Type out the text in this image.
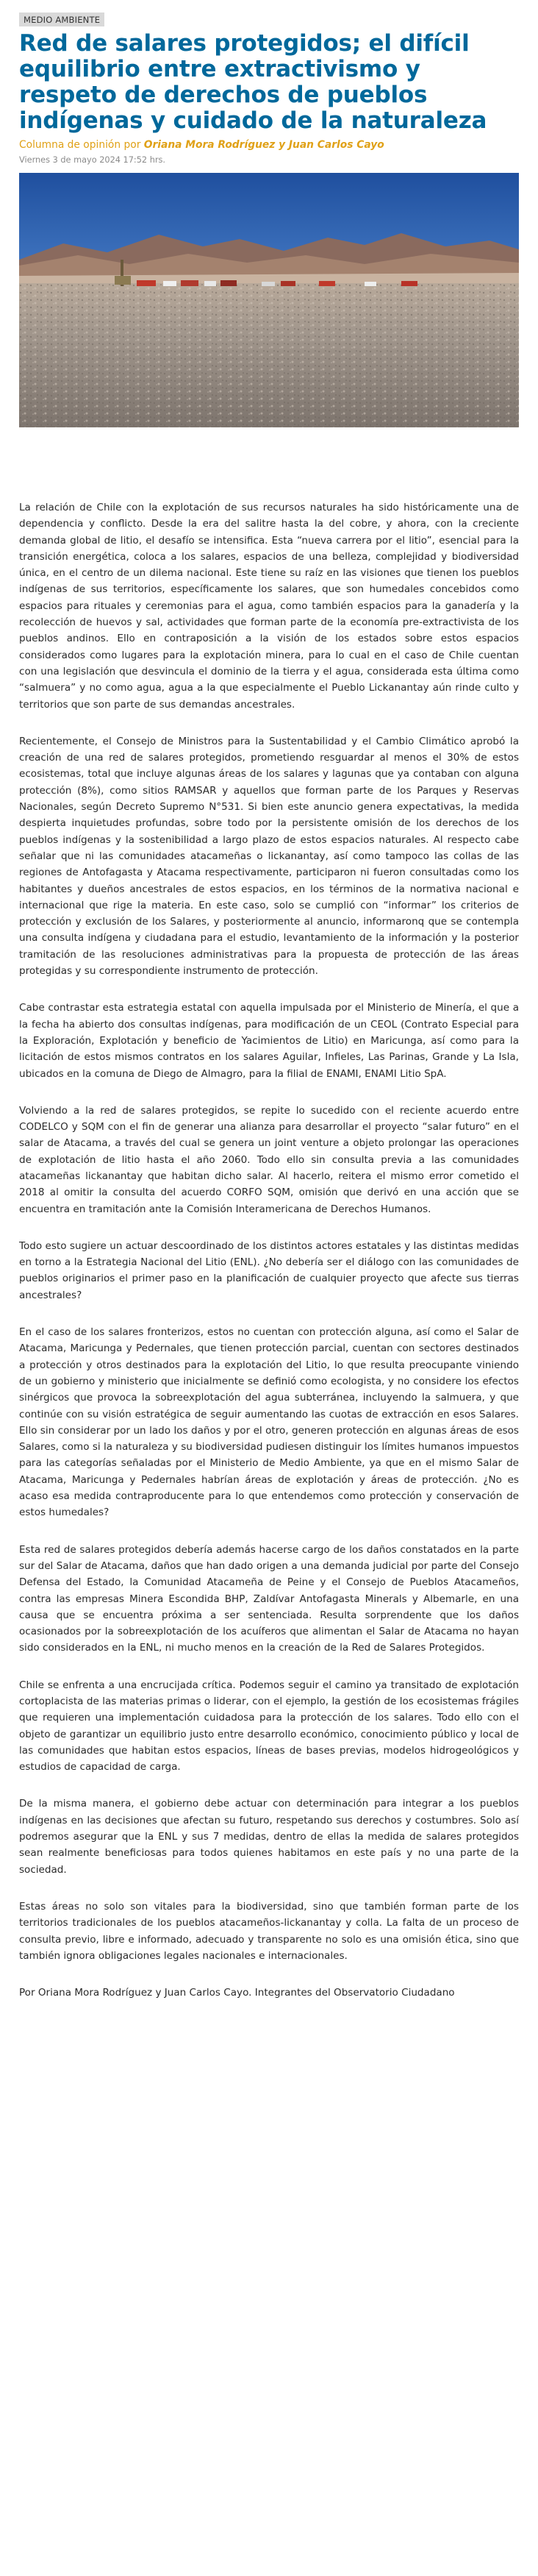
MEDIO AMBIENTE
Red de salares protegidos; el difícil equilibrio entre extractivismo y respeto de derechos de pueblos indígenas y cuidado de la naturaleza
Columna de opinión por Oriana Mora Rodríguez y Juan Carlos Cayo
Viernes 3 de mayo 2024 17:52 hrs.

La relación de Chile con la explotación de sus recursos naturales ha sido históricamente una de dependencia y conflicto. Desde la era del salitre hasta la del cobre, y ahora, con la creciente demanda global de litio, el desafío se intensifica. Esta “nueva carrera por el litio”, esencial para la transición energética, coloca a los salares, espacios de una belleza, complejidad y biodiversidad única, en el centro de un dilema nacional. Este tiene su raíz en las visiones que tienen los pueblos indígenas de sus territorios, específicamente los salares, que son humedales concebidos como espacios para rituales y ceremonias para el agua, como también espacios para la ganadería y la recolección de huevos y sal, actividades que forman parte de la economía pre-extractivista de los pueblos andinos. Ello en contraposición a la visión de los estados sobre estos espacios considerados como lugares para la explotación minera, para lo cual en el caso de Chile cuentan con una legislación que desvincula el dominio de la tierra y el agua, considerada esta última como “salmuera” y no como agua, agua a la que especialmente el Pueblo Lickanantay aún rinde culto y territorios que son parte de sus demandas ancestrales.

Recientemente, el Consejo de Ministros para la Sustentabilidad y el Cambio Climático aprobó la creación de una red de salares protegidos, prometiendo resguardar al menos el 30% de estos ecosistemas, total que incluye algunas áreas de los salares y lagunas que ya contaban con alguna protección (8%), como sitios RAMSAR y aquellos que forman parte de los Parques y Reservas Nacionales, según Decreto Supremo N°531. Si bien este anuncio genera expectativas, la medida despierta inquietudes profundas, sobre todo por la persistente omisión de los derechos de los pueblos indígenas y la sostenibilidad a largo plazo de estos espacios naturales. Al respecto cabe señalar que ni las comunidades atacameñas o lickanantay, así como tampoco las collas de las regiones de Antofagasta y Atacama respectivamente, participaron ni fueron consultadas como los habitantes y dueños ancestrales de estos espacios, en los términos de la normativa nacional e internacional que rige la materia. En este caso, solo se cumplió con “informar” los criterios de protección y exclusión de los Salares, y posteriormente al anuncio, informaronq que se contempla una consulta indígena y ciudadana para el estudio, levantamiento de la información y la posterior tramitación de las resoluciones administrativas para la propuesta de protección de las áreas protegidas y su correspondiente instrumento de protección.

Cabe contrastar esta estrategia estatal con aquella impulsada por el Ministerio de Minería, el que a la fecha ha abierto dos consultas indígenas, para modificación de un CEOL (Contrato Especial para la Exploración, Explotación y beneficio de Yacimientos de Litio) en Maricunga, así como para la licitación de estos mismos contratos en los salares Aguilar, Infieles, Las Parinas, Grande y La Isla, ubicados en la comuna de Diego de Almagro, para la filial de ENAMI, ENAMI Litio SpA.

Volviendo a la red de salares protegidos, se repite lo sucedido con el reciente acuerdo entre CODELCO y SQM con el fin de generar una alianza para desarrollar el proyecto “salar futuro” en el salar de Atacama, a través del cual se genera un joint venture a objeto prolongar las operaciones de explotación de litio hasta el año 2060. Todo ello sin consulta previa a las comunidades atacameñas lickanantay que habitan dicho salar. Al hacerlo, reitera el mismo error cometido el 2018 al omitir la consulta del acuerdo CORFO SQM, omisión que derivó en una acción que se encuentra en tramitación ante la Comisión Interamericana de Derechos Humanos.

Todo esto sugiere un actuar descoordinado de los distintos actores estatales y las distintas medidas en torno a la Estrategia Nacional del Litio (ENL). ¿No debería ser el diálogo con las comunidades de pueblos originarios el primer paso en la planificación de cualquier proyecto que afecte sus tierras ancestrales?

En el caso de los salares fronterizos, estos no cuentan con protección alguna, así como el Salar de Atacama, Maricunga y Pedernales, que tienen protección parcial, cuentan con sectores destinados a protección y otros destinados para la explotación del Litio, lo que resulta preocupante viniendo de un gobierno y ministerio que inicialmente se definió como ecologista, y no considere los efectos sinérgicos que provoca la sobreexplotación del agua subterránea, incluyendo la salmuera, y que continúe con su visión estratégica de seguir aumentando las cuotas de extracción en esos Salares. Ello sin considerar por un lado los daños y por el otro, generen protección en algunas áreas de esos Salares, como si la naturaleza y su biodiversidad pudiesen distinguir los límites humanos impuestos para las categorías señaladas por el Ministerio de Medio Ambiente, ya que en el mismo Salar de Atacama, Maricunga y Pedernales habrían áreas de explotación y áreas de protección. ¿No es acaso esa medida contraproducente para lo que entendemos como protección y conservación de estos humedales?

Esta red de salares protegidos debería además hacerse cargo de los daños constatados en la parte sur del Salar de Atacama, daños que han dado origen a una demanda judicial por parte del Consejo Defensa del Estado, la Comunidad Atacameña de Peine y el Consejo de Pueblos Atacameños, contra las empresas Minera Escondida BHP, Zaldívar Antofagasta Minerals y Albemarle, en una causa que se encuentra próxima a ser sentenciada. Resulta sorprendente que los daños ocasionados por la sobreexplotación de los acuíferos que alimentan el Salar de Atacama no hayan sido considerados en la ENL, ni mucho menos en la creación de la Red de Salares Protegidos.

Chile se enfrenta a una encrucijada crítica. Podemos seguir el camino ya transitado de explotación cortoplacista de las materias primas o liderar, con el ejemplo, la gestión de los ecosistemas frágiles que requieren una implementación cuidadosa para la protección de los salares. Todo ello con el objeto de garantizar un equilibrio justo entre desarrollo económico, conocimiento público y local de las comunidades que habitan estos espacios, líneas de bases previas, modelos hidrogeológicos y estudios de capacidad de carga.

De la misma manera, el gobierno debe actuar con determinación para integrar a los pueblos indígenas en las decisiones que afectan su futuro, respetando sus derechos y costumbres. Solo así podremos asegurar que la ENL y sus 7 medidas, dentro de ellas la medida de salares protegidos sean realmente beneficiosas para todos quienes habitamos en este país y no una parte de la sociedad.

Estas áreas no solo son vitales para la biodiversidad, sino que también forman parte de los territorios tradicionales de los pueblos atacameños-lickanantay y colla. La falta de un proceso de consulta previo, libre e informado, adecuado y transparente no solo es una omisión ética, sino que también ignora obligaciones legales nacionales e internacionales.

Por Oriana Mora Rodríguez y Juan Carlos Cayo. Integrantes del Observatorio Ciudadano
